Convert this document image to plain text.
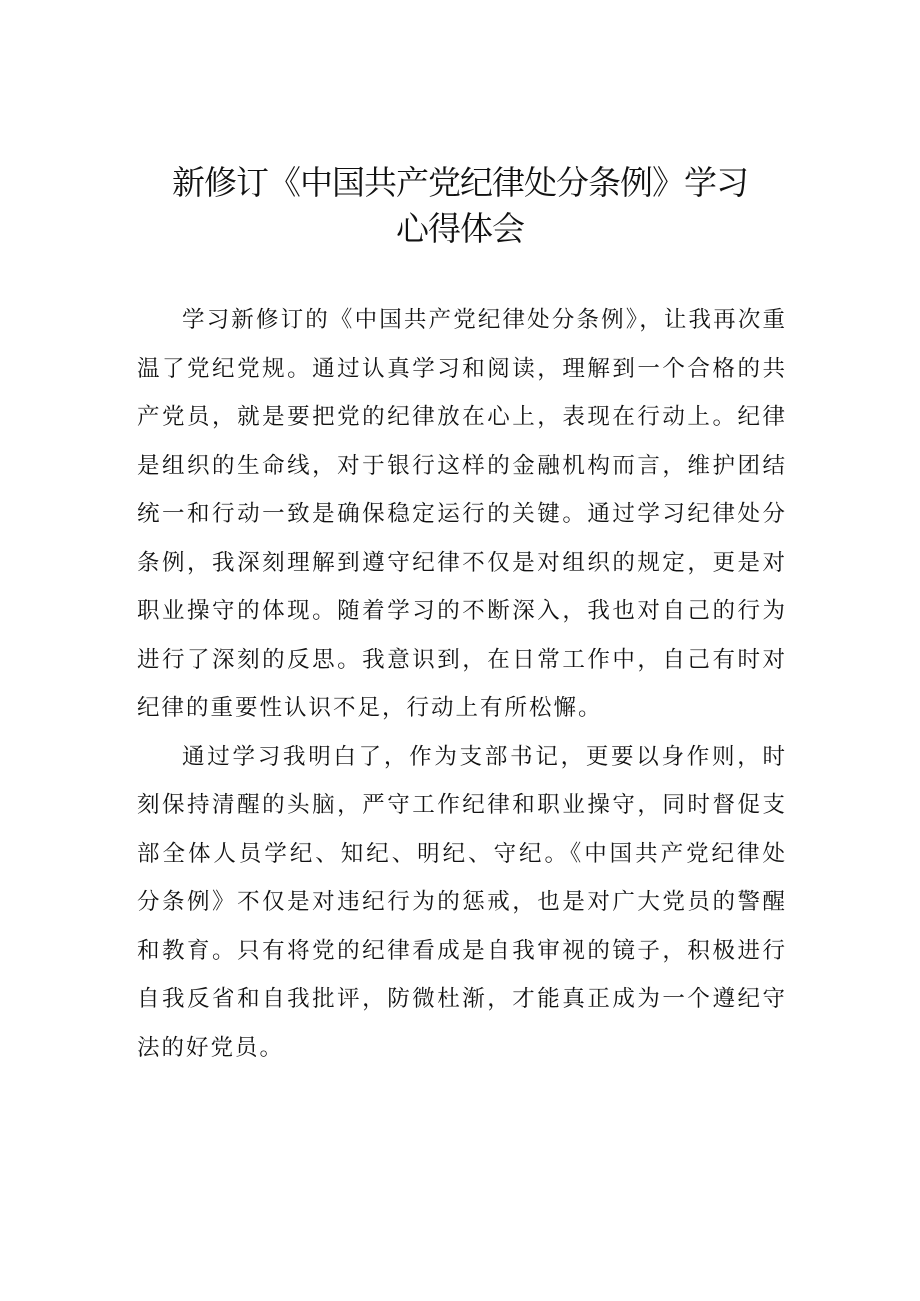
新修订《中国共产党纪律处分条例》学习
心得体会

学习新修订的《中国共产党纪律处分条例》，让我再次重温了党纪党规。通过认真学习和阅读，理解到一个合格的共产党员，就是要把党的纪律放在心上，表现在行动上。纪律是组织的生命线，对于银行这样的金融机构而言，维护团结统一和行动一致是确保稳定运行的关键。通过学习纪律处分条例，我深刻理解到遵守纪律不仅是对组织的规定，更是对职业操守的体现。随着学习的不断深入，我也对自己的行为进行了深刻的反思。我意识到，在日常工作中，自己有时对纪律的重要性认识不足，行动上有所松懈。

通过学习我明白了，作为支部书记，更要以身作则，时刻保持清醒的头脑，严守工作纪律和职业操守，同时督促支部全体人员学纪、知纪、明纪、守纪。《中国共产党纪律处分条例》不仅是对违纪行为的惩戒，也是对广大党员的警醒和教育。只有将党的纪律看成是自我审视的镜子，积极进行自我反省和自我批评，防微杜渐，才能真正成为一个遵纪守法的好党员。
